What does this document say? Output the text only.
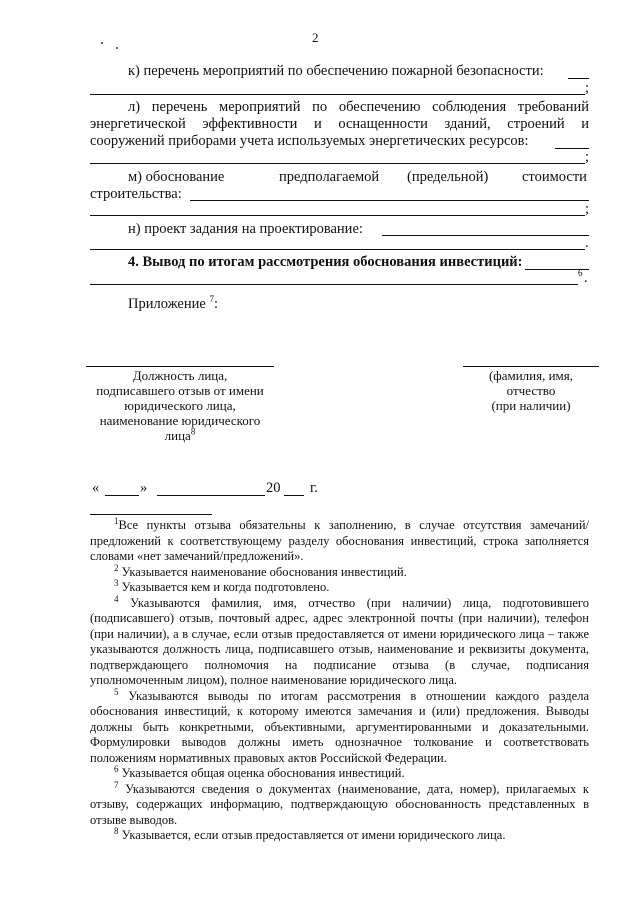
2
к) перечень мероприятий по обеспечению пожарной безопасности:
;
л) перечень мероприятий по обеспечению соблюдения требований
энергетической эффективности и оснащенности зданий, строений и
сооружений приборами учета используемых энергетических ресурсов:
;
м) обоснование	предполагаемой (предельной) стоимости
строительства:
;
н) проект задания на проектирование:
.
4. Вывод по итогам рассмотрения обоснования инвестиций:
6 .
Приложение $^7$:
Должность лица,
подписавшего отзыв от имени
юридического лица,
наименование юридического
лица$^8$
(фамилия, имя,
отчество
(при наличии)
«	»	20 г.

$^1$Все пункты отзыва обязательны к заполнению, в случае отсутствия замечаний/предложений к соответствующему разделу обоснования инвестиций, строка заполняется словами «нет замечаний/предложений».

$^2$ Указывается наименование обоснования инвестиций.

$^3$ Указывается кем и когда подготовлено.

$^4$ Указываются фамилия, имя, отчество (при наличии) лица, подготовившего (подписавшего) отзыв, почтовый адрес, адрес электронной почты (при наличии), телефон (при наличии), а в случае, если отзыв предоставляется от имени юридического лица – также указываются должность лица, подписавшего отзыв, наименование и реквизиты документа, подтверждающего полномочия на подписание отзыва (в случае, подписания уполномоченным лицом), полное наименование юридического лица.

$^5$ Указываются выводы по итогам рассмотрения в отношении каждого раздела обоснования инвестиций, к которому имеются замечания и (или) предложения. Выводы должны быть конкретными, объективными, аргументированными и доказательными. Формулировки выводов должны иметь однозначное толкование и соответствовать положениям нормативных правовых актов Российской Федерации.

$^6$ Указывается общая оценка обоснования инвестиций.

$^7$ Указываются сведения о документах (наименование, дата, номер), прилагаемых к отзыву, содержащих информацию, подтверждающую обоснованность представленных в отзыве выводов.

$^8$ Указывается, если отзыв предоставляется от имени юридического лица.
